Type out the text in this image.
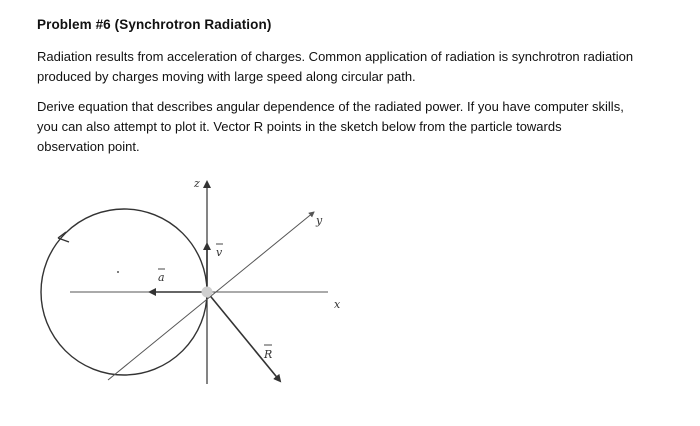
Problem #6 (Synchrotron Radiation)
Radiation results from acceleration of charges. Common application of radiation is synchrotron radiation
produced by charges moving with large speed along circular path.
Derive equation that describes angular dependence of the radiated power. If you have computer skills,
you can also attempt to plot it. Vector R points in the sketch below from the particle towards
observation point.
z
y
x
v
a
R
